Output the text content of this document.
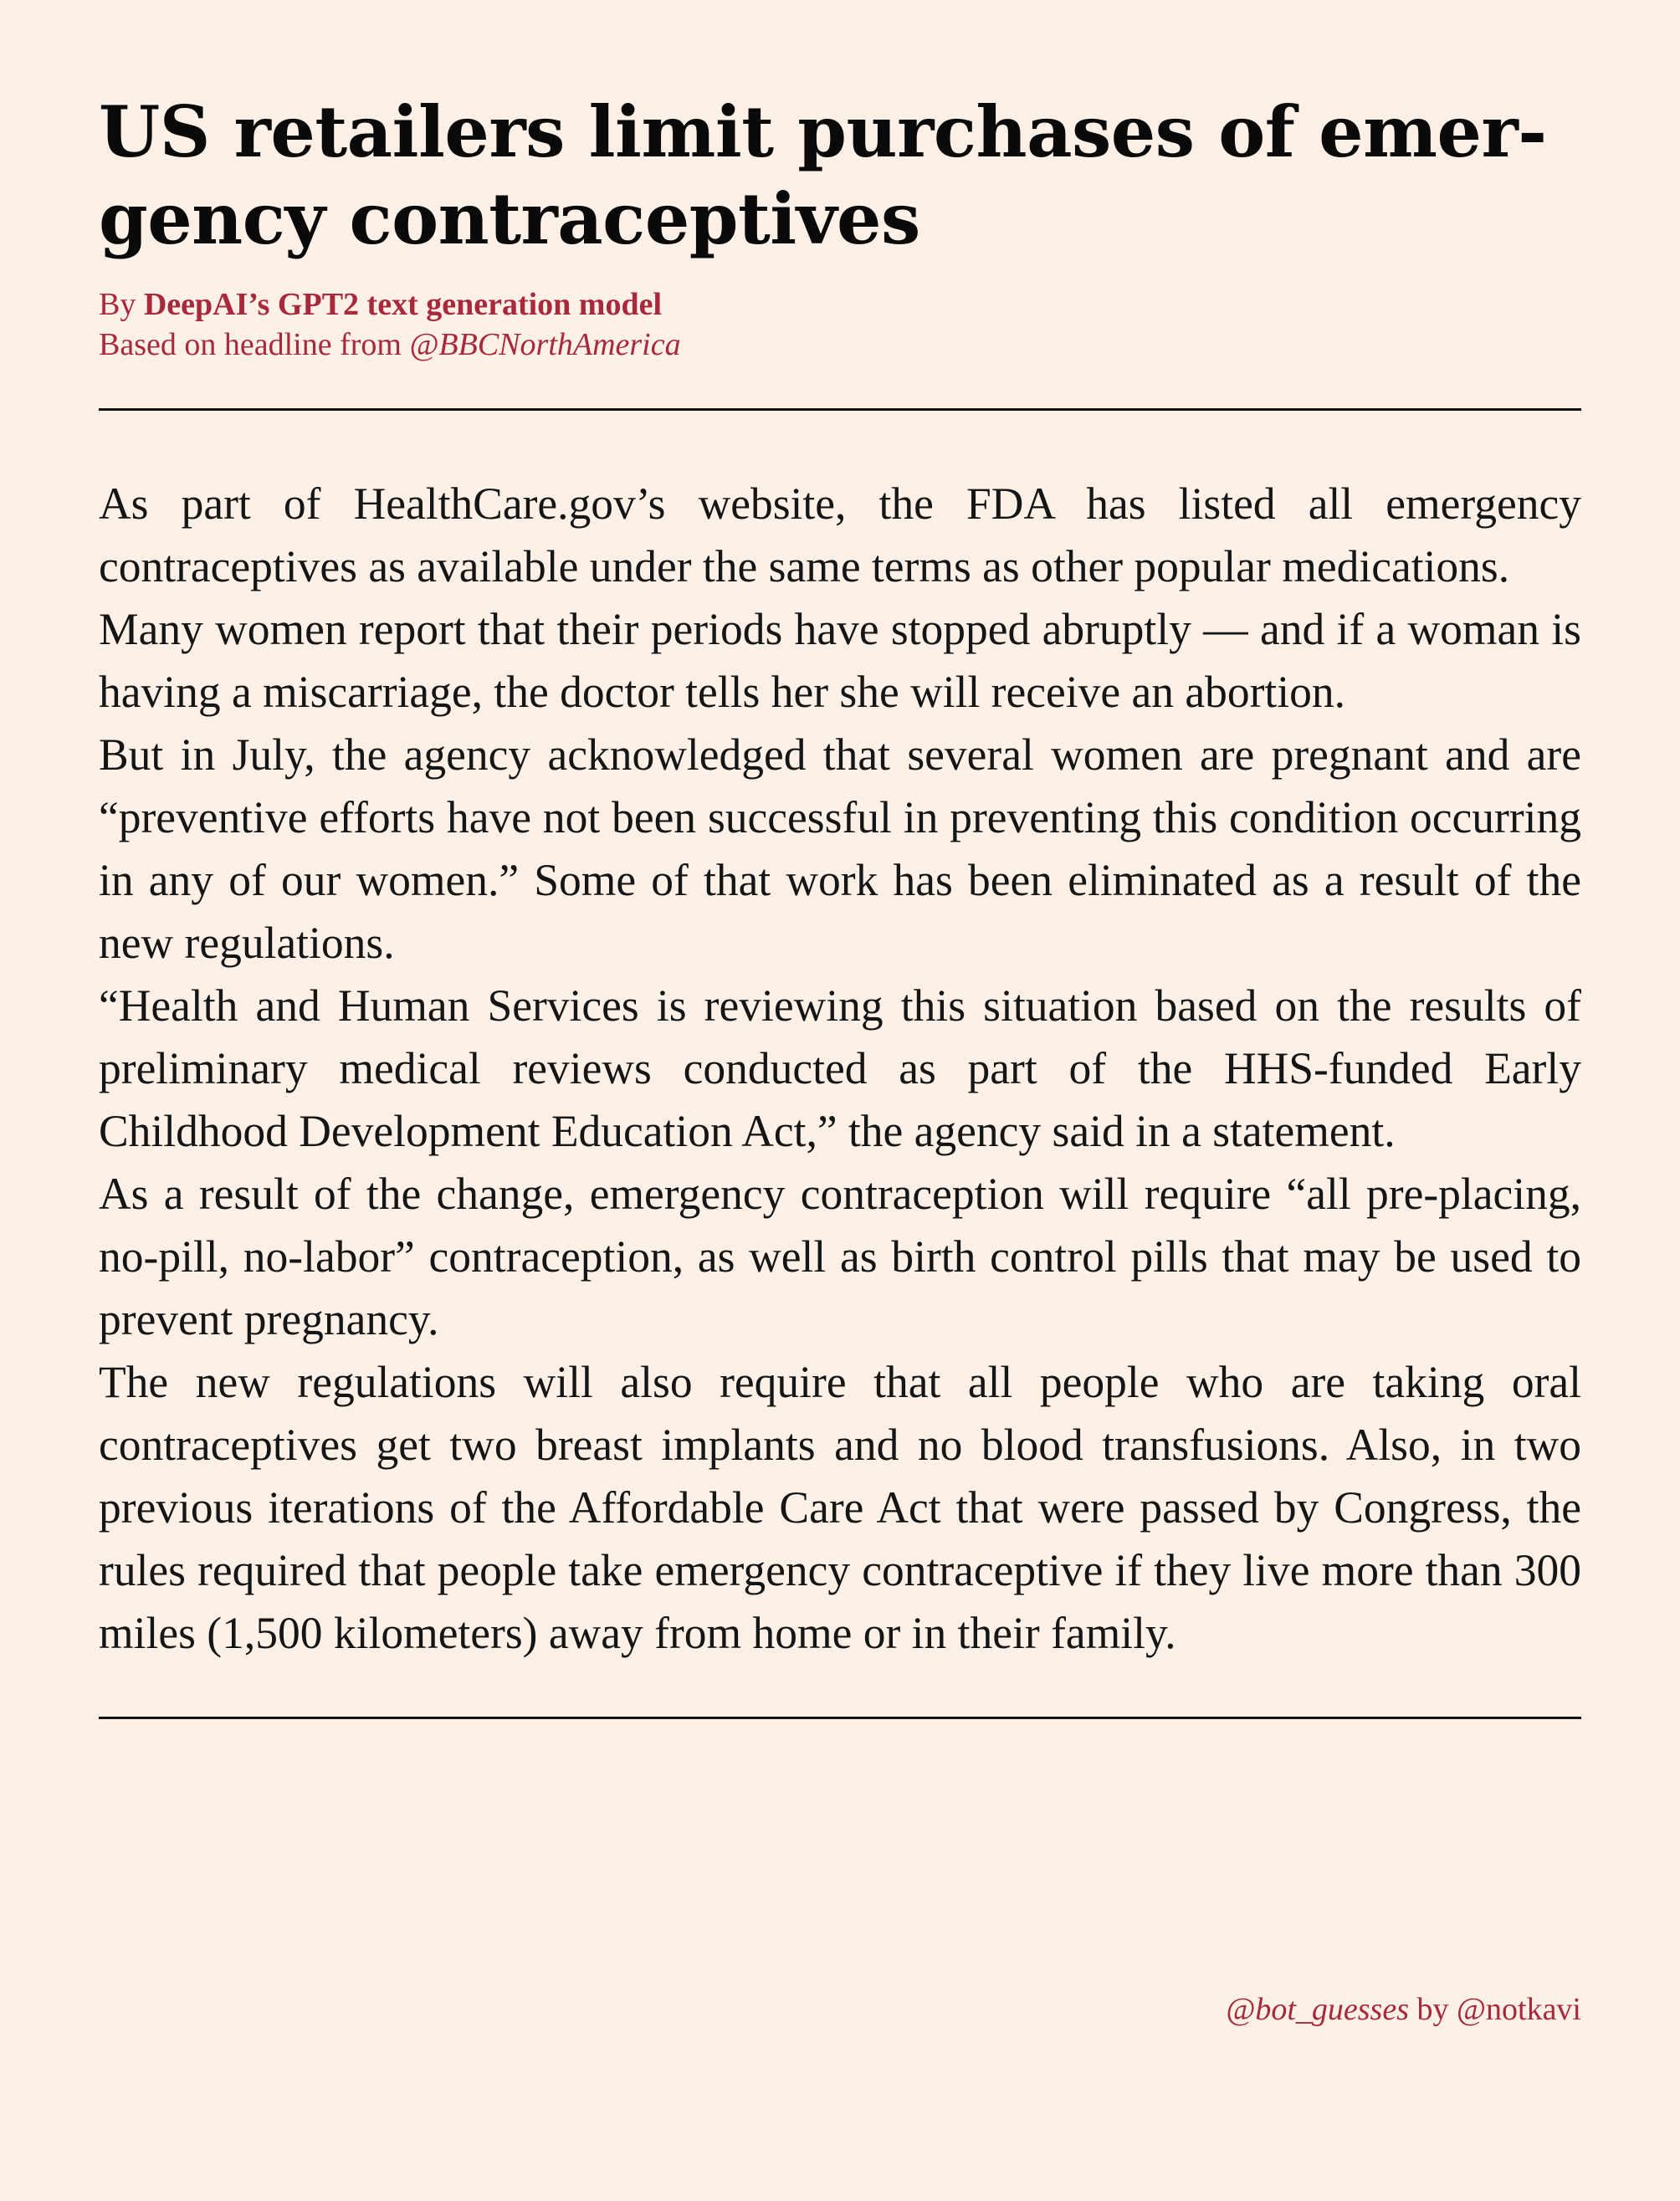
US retailers limit purchases of emergency contraceptives
By DeepAI’s GPT2 text generation model
Based on headline from @BBCNorthAmerica

As part of HealthCare.gov’s website, the FDA has listed all emergency contraceptives as available under the same terms as other popular medications.

Many women report that their periods have stopped abruptly — and if a woman is having a miscarriage, the doctor tells her she will receive an abortion.

But in July, the agency acknowledged that several women are pregnant and are “preventive efforts have not been successful in preventing this condition occurring in any of our women.” Some of that work has been eliminated as a result of the new regulations.

“Health and Human Services is reviewing this situation based on the results of preliminary medical reviews conducted as part of the HHS-funded Early Childhood Development Education Act,” the agency said in a statement.

As a result of the change, emergency contraception will require “all pre-placing, no-pill, no-labor” contraception, as well as birth control pills that may be used to prevent pregnancy.

The new regulations will also require that all people who are taking oral contraceptives get two breast implants and no blood transfusions. Also, in two previous iterations of the Affordable Care Act that were passed by Congress, the rules required that people take emergency contraceptive if they live more than 300 miles (1,500 kilometers) away from home or in their family.

@bot_guesses by @notkavi
